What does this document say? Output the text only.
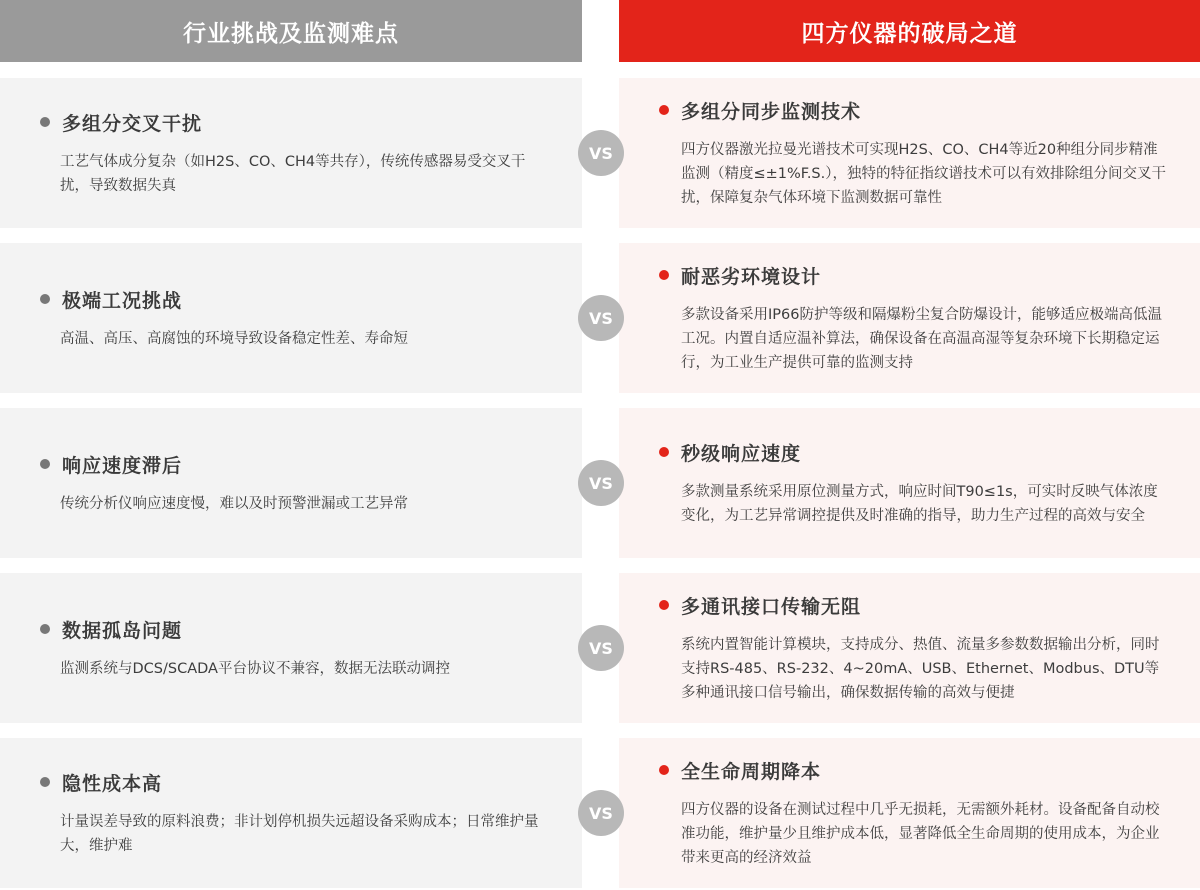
行业挑战及监测难点	四方仪器的破局之道
多组分交叉干扰
工艺气体成分复杂（如H2S、CO、CH4等共存），传统传感器易受交叉干扰，导致数据失真
VS
多组分同步监测技术
四方仪器激光拉曼光谱技术可实现H2S、CO、CH4等近20种组分同步精准监测（精度≤±1%F.S.），独特的特征指纹谱技术可以有效排除组分间交叉干扰，保障复杂气体环境下监测数据可靠性
极端工况挑战
高温、高压、高腐蚀的环境导致设备稳定性差、寿命短
VS
耐恶劣环境设计
多款设备采用IP66防护等级和隔爆粉尘复合防爆设计，能够适应极端高低温工况。内置自适应温补算法，确保设备在高温高湿等复杂环境下长期稳定运行，为工业生产提供可靠的监测支持
响应速度滞后
传统分析仪响应速度慢，难以及时预警泄漏或工艺异常
VS
秒级响应速度
多款测量系统采用原位测量方式，响应时间T90≤1s，可实时反映气体浓度变化，为工艺异常调控提供及时准确的指导，助力生产过程的高效与安全
数据孤岛问题
监测系统与DCS/SCADA平台协议不兼容，数据无法联动调控
VS
多通讯接口传输无阻
系统内置智能计算模块，支持成分、热值、流量多参数数据输出分析，同时支持RS-485、RS-232、4~20mA、USB、Ethernet、Modbus、DTU等多种通讯接口信号输出，确保数据传输的高效与便捷
隐性成本高
计量误差导致的原料浪费；非计划停机损失远超设备采购成本；日常维护量大，维护难
VS
全生命周期降本
四方仪器的设备在测试过程中几乎无损耗，无需额外耗材。设备配备自动校准功能，维护量少且维护成本低，显著降低全生命周期的使用成本，为企业带来更高的经济效益
